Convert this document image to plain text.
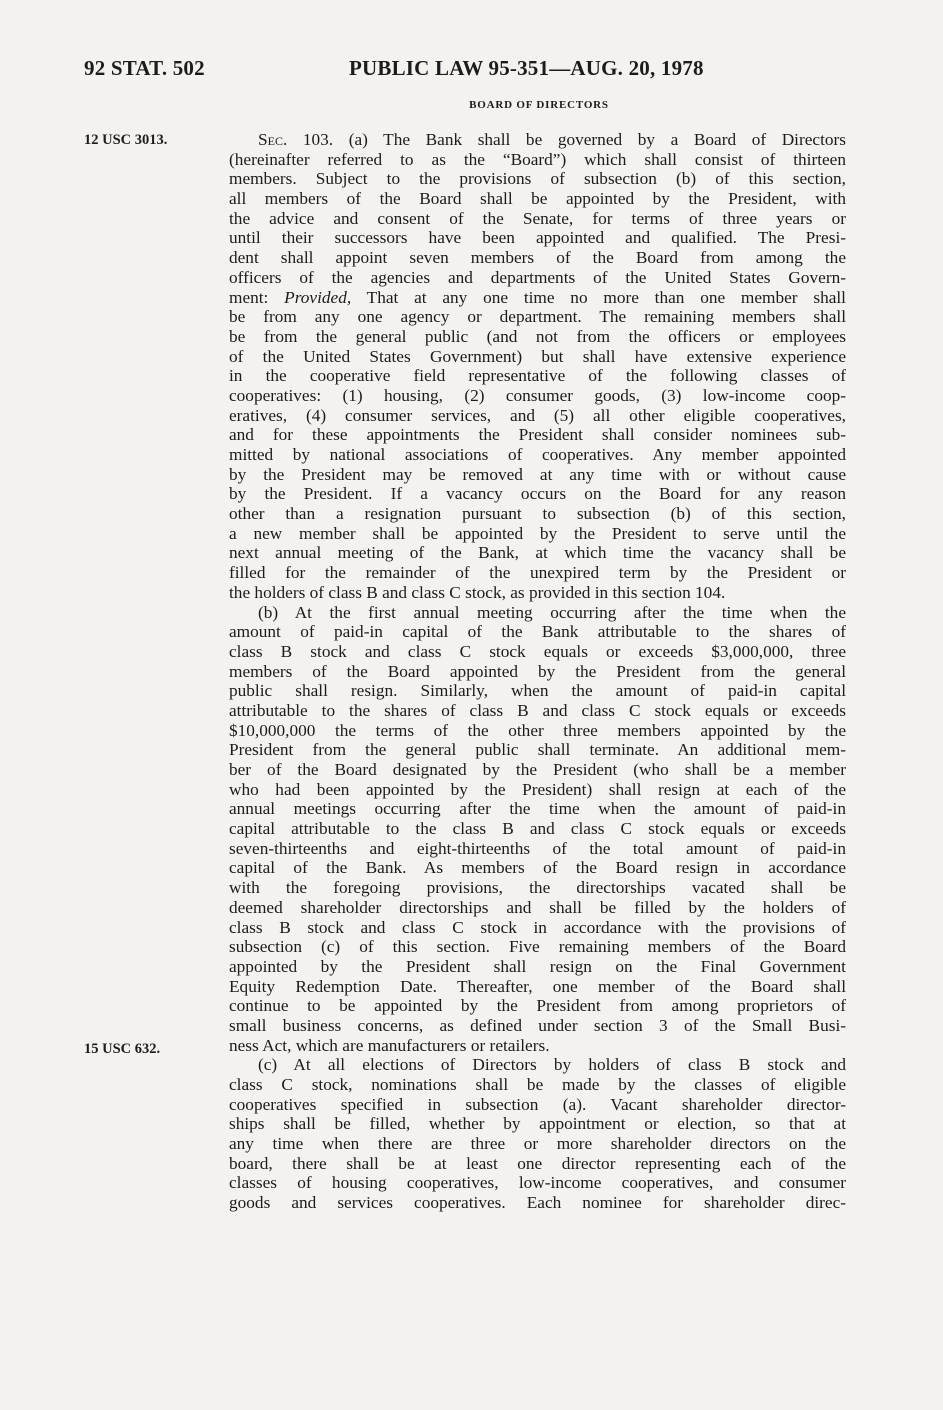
92 STAT. 502	PUBLIC LAW 95-351—AUG. 20, 1978
BOARD OF DIRECTORS
12 USC 3013.
15 USC 632.
Sec. 103. (a) The Bank shall be governed by a Board of Directors
(hereinafter referred to as the “Board”) which shall consist of thirteen
members. Subject to the provisions of subsection (b) of this section,
all members of the Board shall be appointed by the President, with
the advice and consent of the Senate, for terms of three years or
until their successors have been appointed and qualified. The Presi-
dent shall appoint seven members of the Board from among the
officers of the agencies and departments of the United States Govern-
ment: Provided, That at any one time no more than one member shall
be from any one agency or department. The remaining members shall
be from the general public (and not from the officers or employees
of the United States Government) but shall have extensive experience
in the cooperative field representative of the following classes of
cooperatives: (1) housing, (2) consumer goods, (3) low-income coop-
eratives, (4) consumer services, and (5) all other eligible cooperatives,
and for these appointments the President shall consider nominees sub-
mitted by national associations of cooperatives. Any member appointed
by the President may be removed at any time with or without cause
by the President. If a vacancy occurs on the Board for any reason
other than a resignation pursuant to subsection (b) of this section,
a new member shall be appointed by the President to serve until the
next annual meeting of the Bank, at which time the vacancy shall be
filled for the remainder of the unexpired term by the President or
the holders of class B and class C stock, as provided in this section 104.
(b) At the first annual meeting occurring after the time when the
amount of paid-in capital of the Bank attributable to the shares of
class B stock and class C stock equals or exceeds $3,000,000, three
members of the Board appointed by the President from the general
public shall resign. Similarly, when the amount of paid-in capital
attributable to the shares of class B and class C stock equals or exceeds
$10,000,000 the terms of the other three members appointed by the
President from the general public shall terminate. An additional mem-
ber of the Board designated by the President (who shall be a member
who had been appointed by the President) shall resign at each of the
annual meetings occurring after the time when the amount of paid-in
capital attributable to the class B and class C stock equals or exceeds
seven-thirteenths and eight-thirteenths of the total amount of paid-in
capital of the Bank. As members of the Board resign in accordance
with the foregoing provisions, the directorships vacated shall be
deemed shareholder directorships and shall be filled by the holders of
class B stock and class C stock in accordance with the provisions of
subsection (c) of this section. Five remaining members of the Board
appointed by the President shall resign on the Final Government
Equity Redemption Date. Thereafter, one member of the Board shall
continue to be appointed by the President from among proprietors of
small business concerns, as defined under section 3 of the Small Busi-
ness Act, which are manufacturers or retailers.
(c) At all elections of Directors by holders of class B stock and
class C stock, nominations shall be made by the classes of eligible
cooperatives specified in subsection (a). Vacant shareholder director-
ships shall be filled, whether by appointment or election, so that at
any time when there are three or more shareholder directors on the
board, there shall be at least one director representing each of the
classes of housing cooperatives, low-income cooperatives, and consumer
goods and services cooperatives. Each nominee for shareholder direc-
